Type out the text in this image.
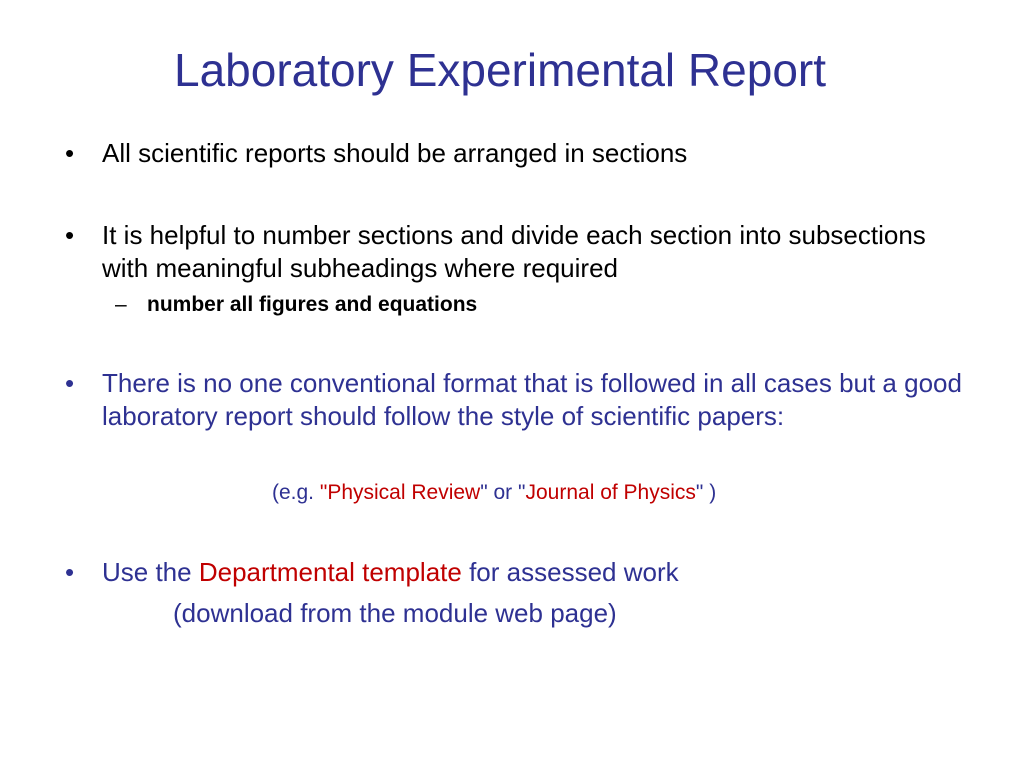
Laboratory Experimental Report
•	All scientific reports should be arranged in sections
•	It is helpful to number sections and divide each section into subsections with meaningful subheadings where required
– number all figures and equations
•	There is no one conventional format that is followed in all cases but a good laboratory report should follow the style of scientific papers:
(e.g. "Physical Review" or "Journal of Physics" )
•	Use the Departmental template for assessed work
(download from the module web page)
